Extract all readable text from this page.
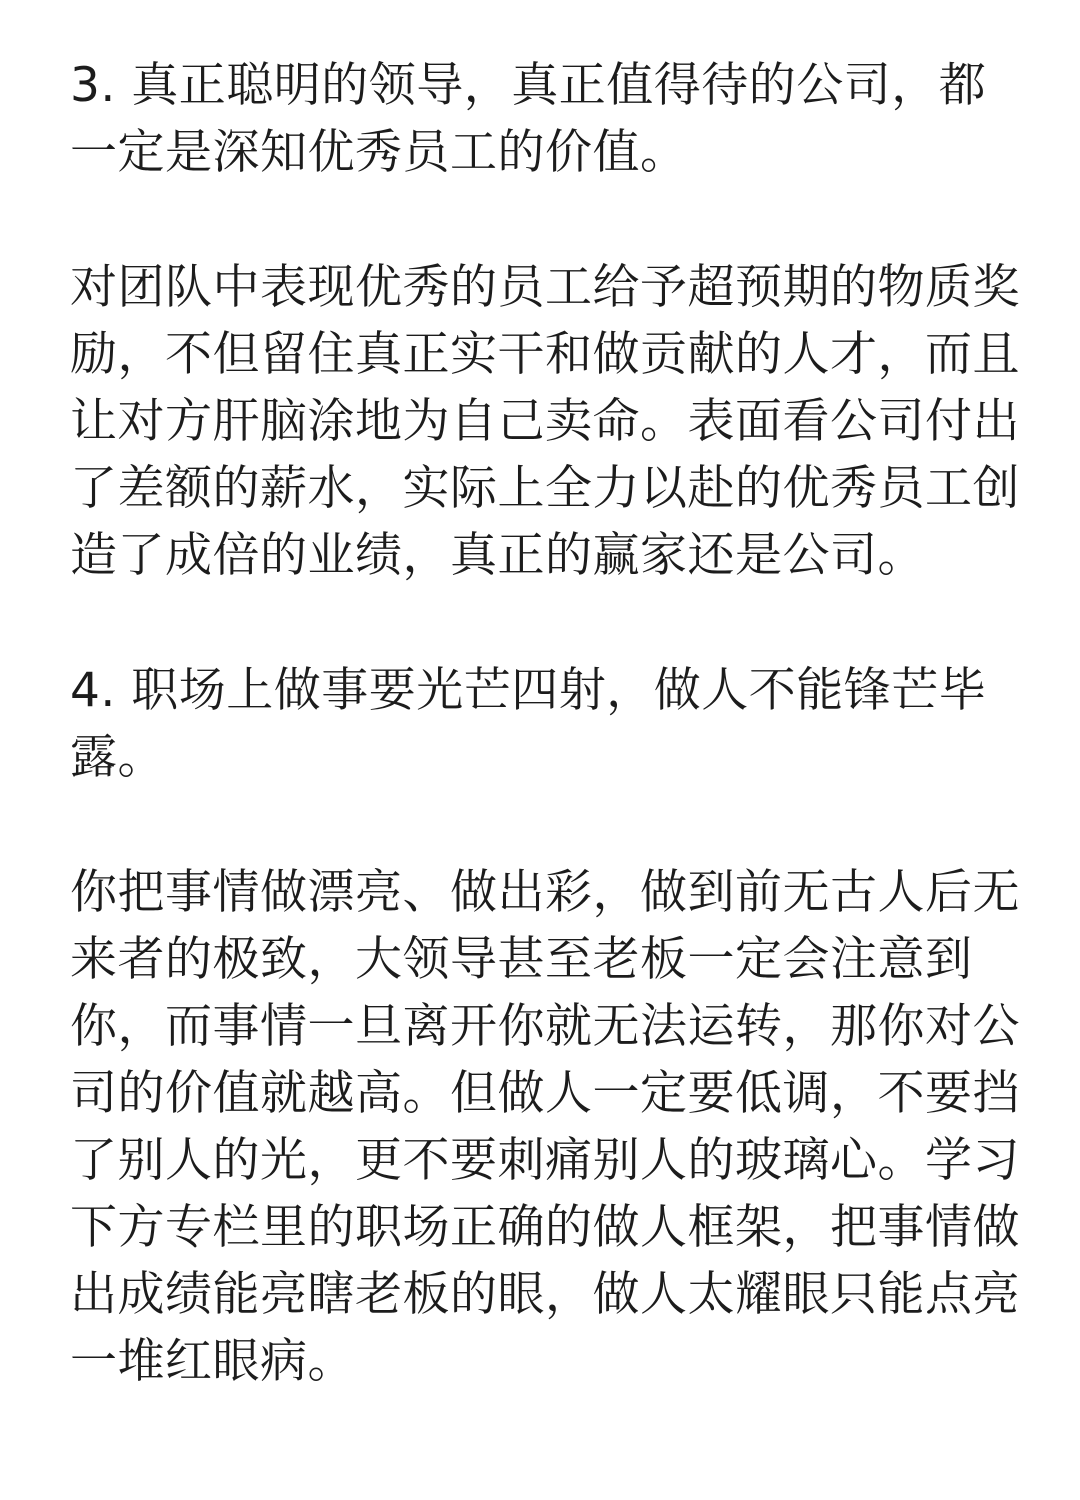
3. 真正聪明的领导，真正值得待的公司，都一定是深知优秀员工的价值。

对团队中表现优秀的员工给予超预期的物质奖励，不但留住真正实干和做贡献的人才，而且让对方肝脑涂地为自己卖命。表面看公司付出了差额的薪水，实际上全力以赴的优秀员工创造了成倍的业绩，真正的赢家还是公司。

4. 职场上做事要光芒四射，做人不能锋芒毕露。

你把事情做漂亮、做出彩，做到前无古人后无来者的极致，大领导甚至老板一定会注意到你，而事情一旦离开你就无法运转，那你对公司的价值就越高。但做人一定要低调，不要挡了别人的光，更不要刺痛别人的玻璃心。学习下方专栏里的职场正确的做人框架，把事情做出成绩能亮瞎老板的眼，做人太耀眼只能点亮一堆红眼病。
